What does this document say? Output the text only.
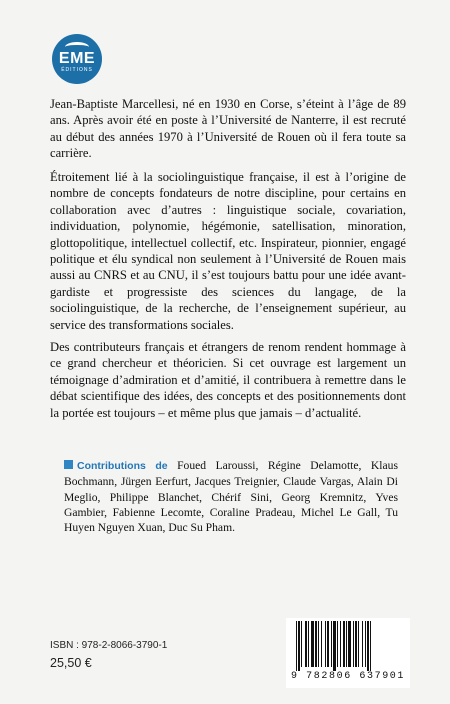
EME
ÉDITIONS

Jean-Baptiste Marcellesi, né en 1930 en Corse, s’éteint à l’âge de 89 ans. Après avoir été en poste à l’Université de Nanterre, il est recruté au début des années 1970 à l’Université de Rouen où il fera toute sa carrière.

Étroitement lié à la sociolinguistique française, il est à l’origine de nombre de concepts fondateurs de notre discipline, pour certains en collaboration avec d’autres : linguistique sociale, covariation, individuation, polynomie, hégémonie, satellisation, minoration, glottopolitique, intellectuel collectif, etc. Inspirateur, pionnier, engagé politique et élu syndical non seulement à l’Université de Rouen mais aussi au CNRS et au CNU, il s’est toujours battu pour une idée avant-gardiste et progressiste des sciences du langage, de la sociolinguistique, de la recherche, de l’enseignement supérieur, au service des transformations sociales.

Des contributeurs français et étrangers de renom rendent hommage à ce grand chercheur et théoricien. Si cet ouvrage est largement un témoignage d’admiration et d’amitié, il contribuera à remettre dans le débat scientifique des idées, des concepts et des positionnements dont la portée est toujours – et même plus que jamais – d’actualité.

Contributions de Foued Laroussi, Régine Delamotte, Klaus Bochmann, Jürgen Eerfurt, Jacques Treignier, Claude Vargas, Alain Di Meglio, Philippe Blanchet, Chérif Sini, Georg Kremnitz, Yves Gambier, Fabienne Lecomte, Coraline Pradeau, Michel Le Gall, Tu Huyen Nguyen Xuan, Duc Su Pham.

ISBN : 978-2-8066-3790-1
25,50 €
9 782806 637901
